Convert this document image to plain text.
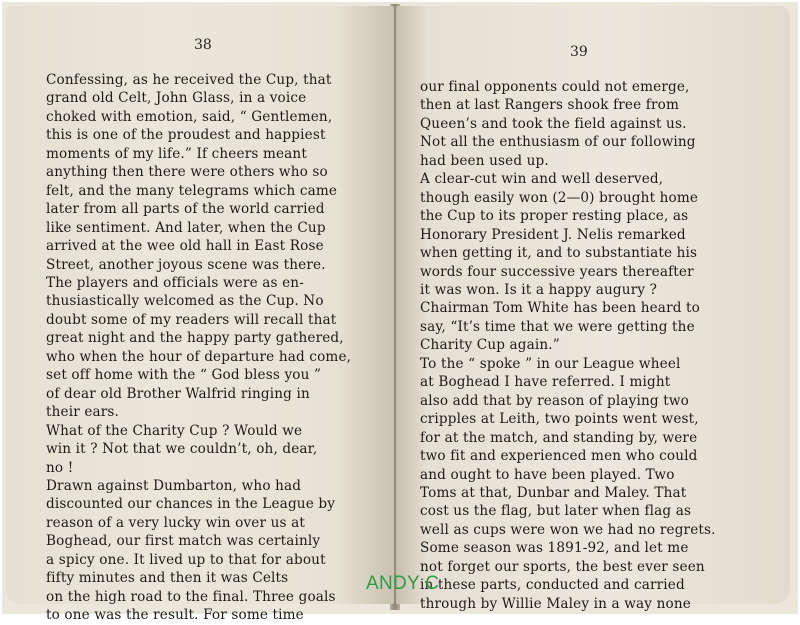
38
Confessing, as he received the Cup, that
grand old Celt, John Glass, in a voice
choked with emotion, said, “ Gentlemen,
this is one of the proudest and happiest
moments of my life.” If cheers meant
anything then there were others who so
felt, and the many telegrams which came
later from all parts of the world carried
like sentiment. And later, when the Cup
arrived at the wee old hall in East Rose
Street, another joyous scene was there.
The players and officials were as en-
thusiastically welcomed as the Cup. No
doubt some of my readers will recall that
great night and the happy party gathered,
who when the hour of departure had come,
set off home with the “ God bless you ”
of dear old Brother Walfrid ringing in
their ears.
What of the Charity Cup ? Would we
win it ? Not that we couldn’t, oh, dear,
no !
Drawn against Dumbarton, who had
discounted our chances in the League by
reason of a very lucky win over us at
Boghead, our first match was certainly
a spicy one. It lived up to that for about
fifty minutes and then it was Celts
on the high road to the final. Three goals
to one was the result. For some time
39
our final opponents could not emerge,
then at last Rangers shook free from
Queen’s and took the field against us.
Not all the enthusiasm of our following
had been used up.
A clear-cut win and well deserved,
though easily won (2—0) brought home
the Cup to its proper resting place, as
Honorary President J. Nelis remarked
when getting it, and to substantiate his
words four successive years thereafter
it was won. Is it a happy augury ?
Chairman Tom White has been heard to
say, “It’s time that we were getting the
Charity Cup again.”
To the “ spoke ” in our League wheel
at Boghead I have referred. I might
also add that by reason of playing two
cripples at Leith, two points went west,
for at the match, and standing by, were
two fit and experienced men who could
and ought to have been played. Two
Toms at that, Dunbar and Maley. That
cost us the flag, but later when flag as
well as cups were won we had no regrets.
Some season was 1891-92, and let me
not forget our sports, the best ever seen
in these parts, conducted and carried
through by Willie Maley in a way none
ANDY C
